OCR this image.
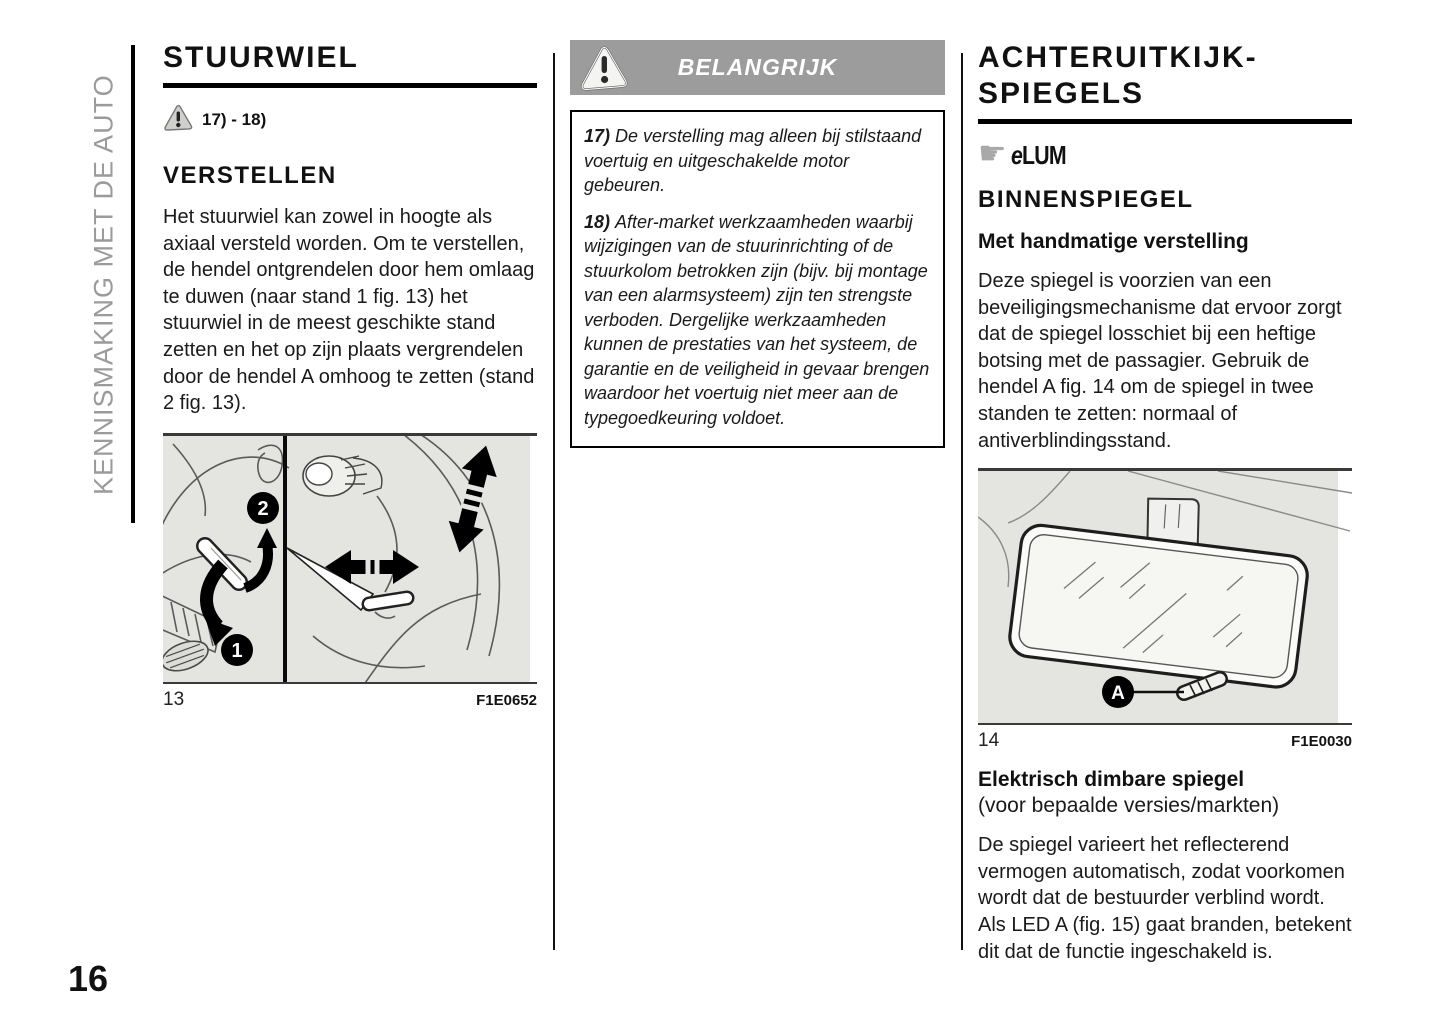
KENNISMAKING MET DE AUTO
16
STUURWIEL
17) - 18)
VERSTELLEN

Het stuurwiel kan zowel in hoogte als axiaal versteld worden. Om te verstellen, de hendel ontgrendelen door hem omlaag te duwen (naar stand 1 fig. 13) het stuurwiel in de meest geschikte stand zetten en het op zijn plaats vergrendelen door de hendel A omhoog te zetten (stand 2 fig. 13).

2
1
13	F1E0652
BELANGRIJK

17) De verstelling mag alleen bij stilstaand voertuig en uitgeschakelde motor gebeuren.

18) After-market werkzaamheden waarbij wijzigingen van de stuurinrichting of de stuurkolom betrokken zijn (bijv. bij montage van een alarmsysteem) zijn ten strengste verboden. Dergelijke werkzaamheden kunnen de prestaties van het systeem, de garantie en de veiligheid in gevaar brengen waardoor het voertuig niet meer aan de typegoedkeuring voldoet.

ACHTERUITKIJK-
SPIEGELS
☛ eLUM
BINNENSPIEGEL
Met handmatige verstelling

Deze spiegel is voorzien van een beveiligingsmechanisme dat ervoor zorgt dat de spiegel losschiet bij een heftige botsing met de passagier. Gebruik de hendel A fig. 14 om de spiegel in twee standen te zetten: normaal of antiverblindingsstand.

A
14	F1E0030
Elektrisch dimbare spiegel
(voor bepaalde versies/markten)

De spiegel varieert het reflecterend vermogen automatisch, zodat voorkomen wordt dat de bestuurder verblind wordt. Als LED A (fig. 15) gaat branden, betekent dit dat de functie ingeschakeld is.
